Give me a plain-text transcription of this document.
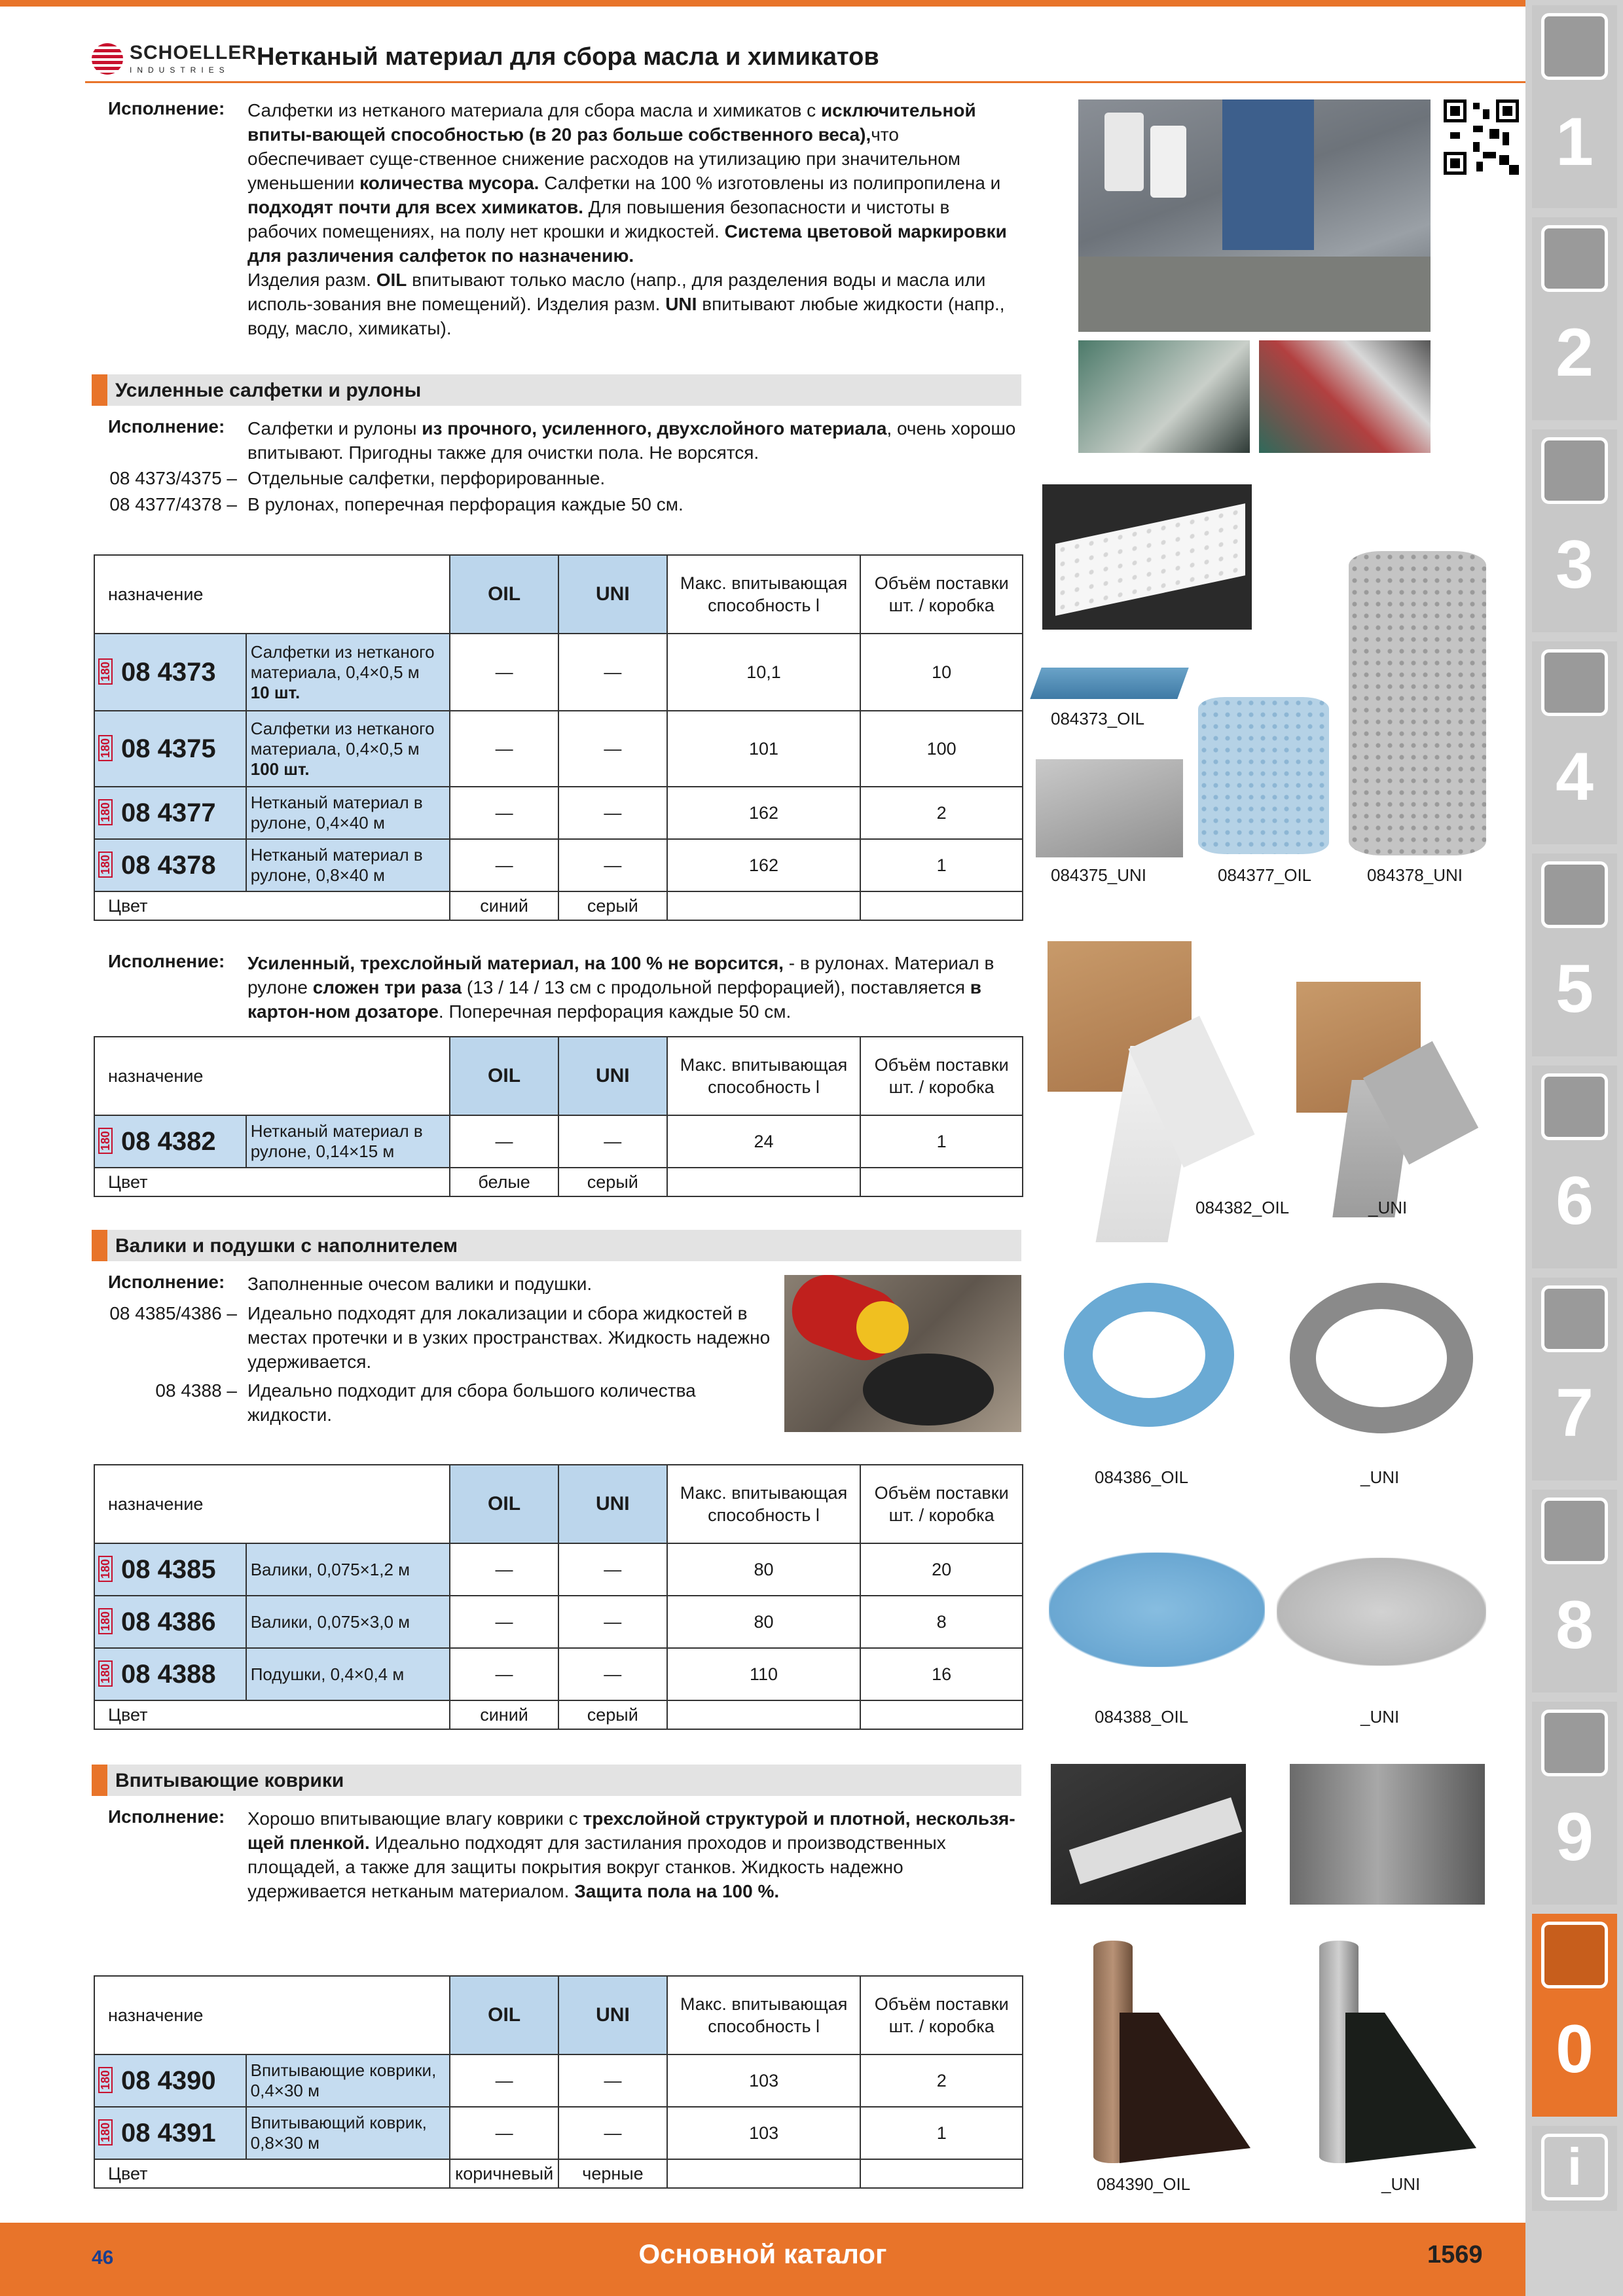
SCHOELLER
INDUSTRIES Нетканый материал для сбора масла и химикатов
Исполнение: Салфетки из нетканого материала для сбора масла и химикатов с исключительной впиты-вающей способностью (в 20 раз больше собственного веса),что обеспечивает суще-ственное снижение расходов на утилизацию при значительном уменьшении количества мусора. Салфетки на 100 % изготовлены из полипропилена и подходят почти для всех химикатов. Для повышения безопасности и чистоты в рабочих помещениях, на полу нет крошки и жидкостей. Система цветовой маркировки для различения салфеток по назначению.
Изделия разм. OIL впитывают только масло (напр., для разделения воды и масла или исполь-зования вне помещений). Изделия разм. UNI впитывают любые жидкости (напр., воду, масло, химикаты).
Усиленные салфетки и рулоны
Исполнение: Салфетки и рулоны из прочного, усиленного, двухслойного материала, очень хорошо впитывают. Пригодны также для очистки пола. Не ворсятся.
08 4373/4375 – Отдельные салфетки, перфорированные.
08 4377/4378 – В рулонах, поперечная перфорация каждые 50 см.
назначение		OIL	UNI	Макс. впитывающая способность l	Объём поставки шт. / коробка

180 08 4373	Салфетки из нетканого материала, 0,4×0,5 м
10 шт.	—	—	10,1	10

180 08 4375	Салфетки из нетканого материала, 0,4×0,5 м
100 шт.	—	—	101	100

180 08 4377	Нетканый материал в рулоне, 0,4×40 м	—	—	162	2

180 08 4378	Нетканый материал в рулоне, 0,8×40 м	—	—	162	1
Цвет		синий	серый		
084373_OIL
084375_UNI	084377_OIL	084378_UNI
Исполнение: Усиленный, трехслойный материал, на 100 % не ворсится, - в рулонах. Материал в рулоне сложен три раза (13 / 14 / 13 см с продольной перфорацией), поставляется в картон-ном дозаторе. Поперечная перфорация каждые 50 см.
назначение		OIL	UNI	Макс. впитывающая способность l	Объём поставки шт. / коробка

180 08 4382	Нетканый материал в рулоне, 0,14×15 м	—	—	24	1
Цвет		белые	серый		
084382_OIL	_UNI
Валики и подушки с наполнителем
Исполнение: Заполненные очесом валики и подушки.
08 4385/4386 – Идеально подходят для локализации и сбора жидкостей в местах протечки и в узких пространствах. Жидкость надежно удерживается.
08 4388 – Идеально подходит для сбора большого количества жидкости.
назначение		OIL	UNI	Макс. впитывающая способность l	Объём поставки шт. / коробка

180 08 4385	Валики, 0,075×1,2 м	—	—	80	20

180 08 4386	Валики, 0,075×3,0 м	—	—	80	8

180 08 4388	Подушки, 0,4×0,4 м	—	—	110	16
Цвет		синий	серый		
084386_OIL	_UNI
084388_OIL	_UNI
Впитывающие коврики
Исполнение: Хорошо впитывающие влагу коврики с трехслойной структурой и плотной, нескользя-щей пленкой. Идеально подходят для застилания проходов и производственных площадей, а также для защиты покрытия вокруг станков. Жидкость надежно удерживается нетканым материалом. Защита пола на 100 %.
назначение		OIL	UNI	Макс. впитывающая способность l	Объём поставки шт. / коробка

180 08 4390	Впитывающие коврики, 0,4×30 м	—	—	103	2

180 08 4391	Впитывающий коврик, 0,8×30 м	—	—	103	1
Цвет		коричневый	черные		
084390_OIL	_UNI
1
2
3
4
5
6
7
8
9
0
i
46	Основной каталог	1569
